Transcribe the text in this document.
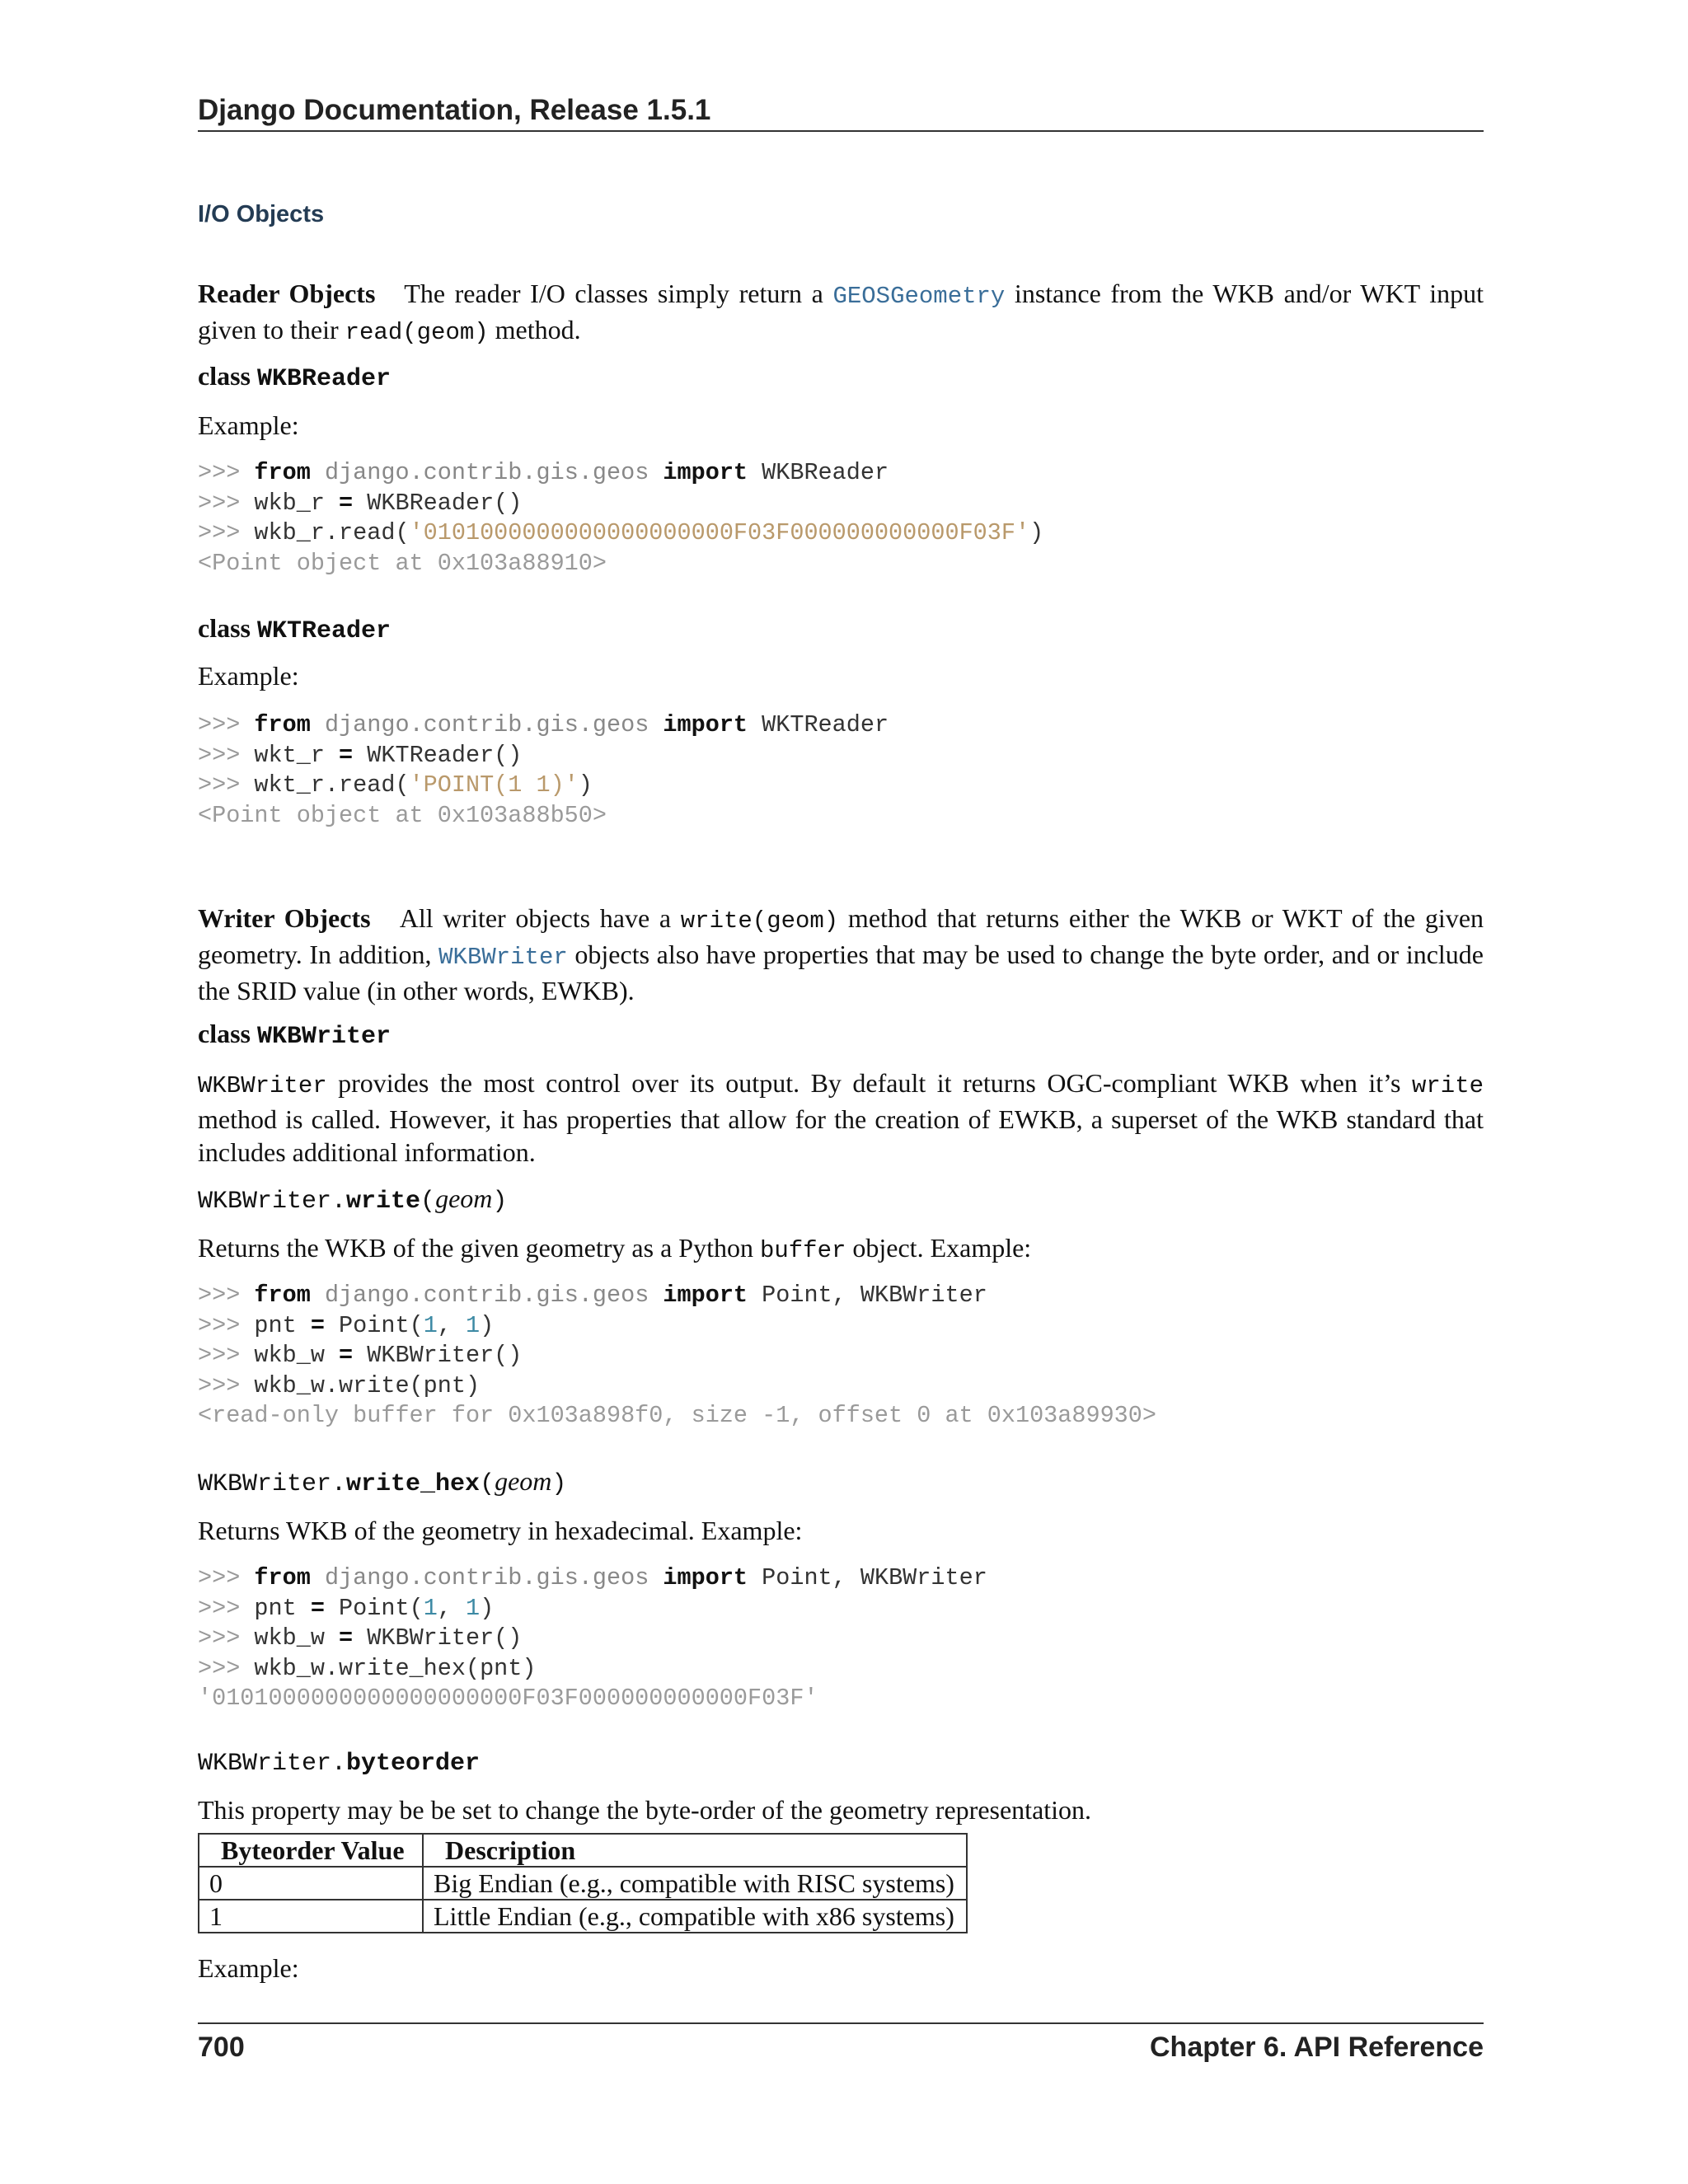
Django Documentation, Release 1.5.1
I/O Objects
Reader Objects The reader I/O classes simply return a GEOSGeometry instance from the WKB and/or WKT input given to their read(geom) method.
class WKBReader
Example:
>>> from django.contrib.gis.geos import WKBReader
>>> wkb_r = WKBReader()
>>> wkb_r.read('0101000000000000000000F03F000000000000F03F')
<Point object at 0x103a88910>
class WKTReader
Example:
>>> from django.contrib.gis.geos import WKTReader
>>> wkt_r = WKTReader()
>>> wkt_r.read('POINT(1 1)')
<Point object at 0x103a88b50>
Writer Objects All writer objects have a write(geom) method that returns either the WKB or WKT of the given geometry. In addition, WKBWriter objects also have properties that may be used to change the byte order, and or include the SRID value (in other words, EWKB).
class WKBWriter
WKBWriter provides the most control over its output. By default it returns OGC-compliant WKB when it’s write method is called. However, it has properties that allow for the creation of EWKB, a superset of the WKB standard that includes additional information.
WKBWriter.write(geom)
Returns the WKB of the given geometry as a Python buffer object. Example:
>>> from django.contrib.gis.geos import Point, WKBWriter
>>> pnt = Point(1, 1)
>>> wkb_w = WKBWriter()
>>> wkb_w.write(pnt)
<read-only buffer for 0x103a898f0, size -1, offset 0 at 0x103a89930>
WKBWriter.write_hex(geom)
Returns WKB of the geometry in hexadecimal. Example:
>>> from django.contrib.gis.geos import Point, WKBWriter
>>> pnt = Point(1, 1)
>>> wkb_w = WKBWriter()
>>> wkb_w.write_hex(pnt)
'0101000000000000000000F03F000000000000F03F'
WKBWriter.byteorder
This property may be be set to change the byte-order of the geometry representation.
Byteorder Value	Description
0	Big Endian (e.g., compatible with RISC systems)
1	Little Endian (e.g., compatible with x86 systems)
Example:
700	Chapter 6. API Reference
